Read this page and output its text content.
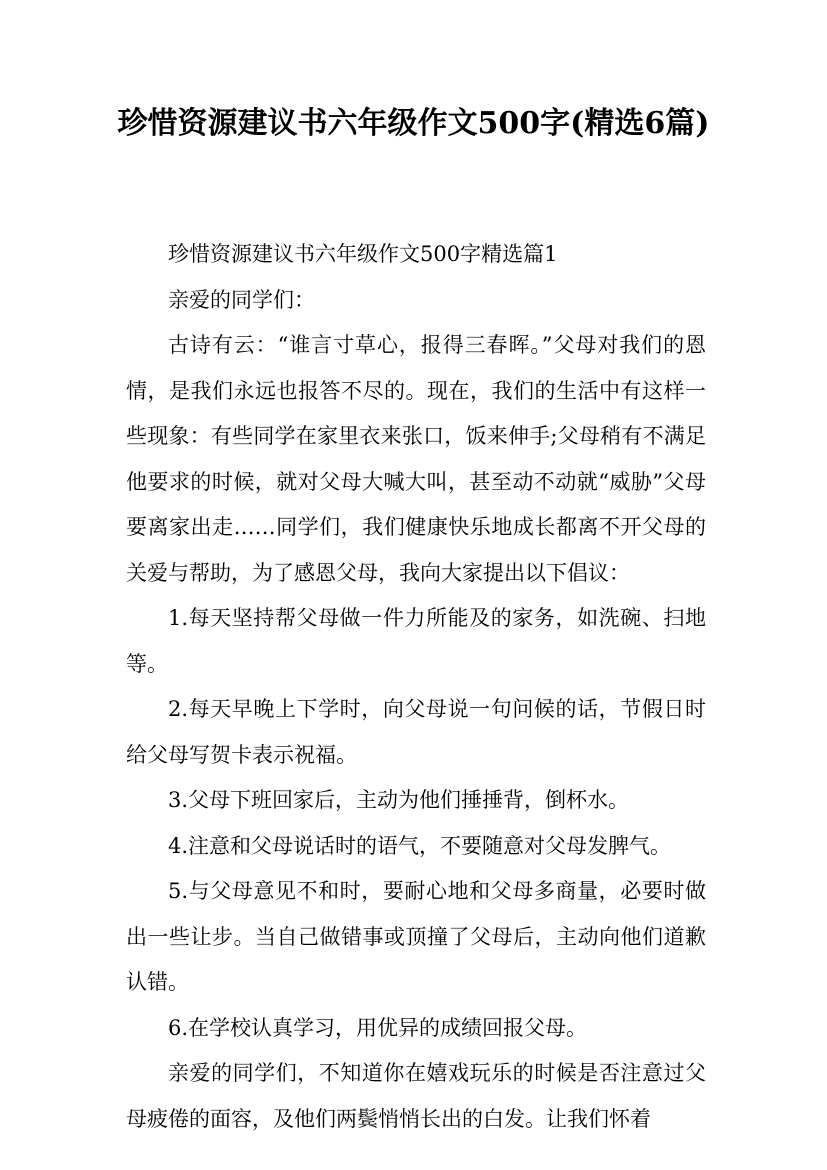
珍惜资源建议书六年级作文500字(精选6篇)

珍惜资源建议书六年级作文500字精选篇1

亲爱的同学们：

古诗有云：“谁言寸草心，报得三春晖。”父母对我们的恩情，是我们永远也报答不尽的。现在，我们的生活中有这样一些现象：有些同学在家里衣来张口，饭来伸手;父母稍有不满足他要求的时候，就对父母大喊大叫，甚至动不动就“威胁”父母要离家出走……同学们，我们健康快乐地成长都离不开父母的关爱与帮助，为了感恩父母，我向大家提出以下倡议：

1.每天坚持帮父母做一件力所能及的家务，如洗碗、扫地等。

2.每天早晚上下学时，向父母说一句问候的话，节假日时给父母写贺卡表示祝福。

3.父母下班回家后，主动为他们捶捶背，倒杯水。

4.注意和父母说话时的语气，不要随意对父母发脾气。

5.与父母意见不和时，要耐心地和父母多商量，必要时做出一些让步。当自己做错事或顶撞了父母后，主动向他们道歉认错。

6.在学校认真学习，用优异的成绩回报父母。

亲爱的同学们，不知道你在嬉戏玩乐的时候是否注意过父母疲倦的面容，及他们两鬓悄悄长出的白发。让我们怀着
